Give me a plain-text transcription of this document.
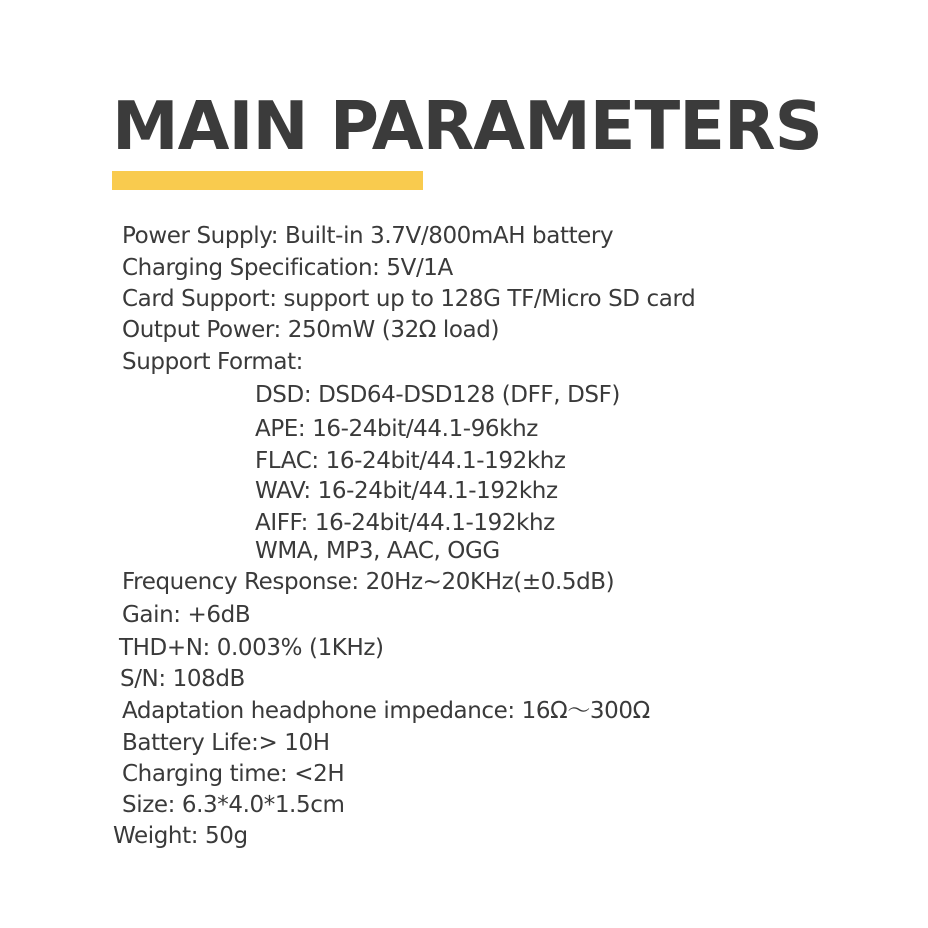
MAIN PARAMETERS

Power Supply: Built-in 3.7V/800mAH battery

Charging Specification: 5V/1A

Card Support: support up to 128G TF/Micro SD card

Output Power: 250mW (32Ω load)

Support Format:

DSD: DSD64-DSD128 (DFF, DSF)

APE: 16-24bit/44.1-96khz

FLAC: 16-24bit/44.1-192khz

WAV: 16-24bit/44.1-192khz

AIFF: 16-24bit/44.1-192khz

WMA, MP3, AAC, OGG

Frequency Response: 20Hz~20KHz(±0.5dB)

Gain: +6dB

THD+N: 0.003% (1KHz)

S/N: 108dB

Adaptation headphone impedance: 16Ω～300Ω

Battery Life:> 10H

Charging time: <2H

Size: 6.3*4.0*1.5cm

Weight: 50g
